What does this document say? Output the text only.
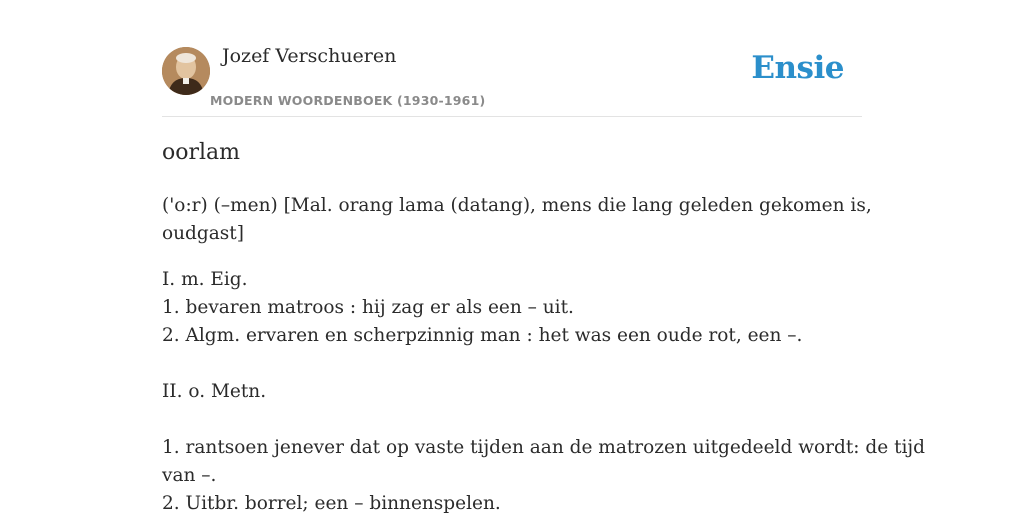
Jozef Verschueren
MODERN WOORDENBOEK (1930-1961)
Ensie
oorlam
('o:r) (–men) [Mal. orang lama (datang), mens die lang geleden gekomen is,
oudgast]
I. m. Eig.
1. bevaren matroos : hij zag er als een – uit.
2. Algm. ervaren en scherpzinnig man : het was een oude rot, een –.
II. o. Metn.
1. rantsoen jenever dat op vaste tijden aan de matrozen uitgedeeld wordt: de tijd
van –.
2. Uitbr. borrel; een – binnenspelen.
